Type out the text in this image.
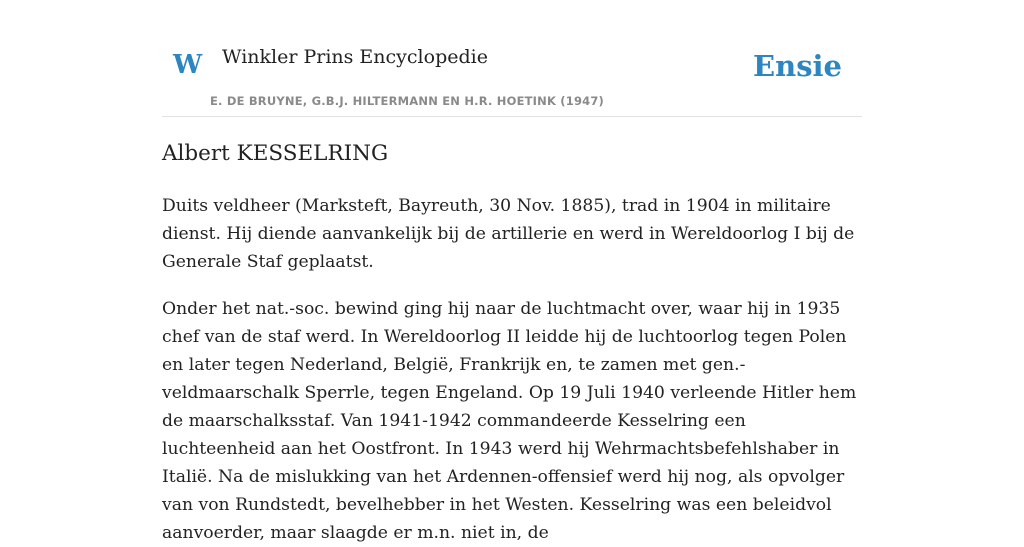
W Winkler Prins Encyclopedie
E. DE BRUYNE, G.B.J. HILTERMANN EN H.R. HOETINK (1947)
Ensie
Albert KESSELRING

Duits veldheer (Marksteft, Bayreuth, 30 Nov. 1885), trad in 1904 in militaire dienst. Hij diende aanvankelijk bij de artillerie en werd in Wereldoorlog I bij de Generale Staf geplaatst.

Onder het nat.-soc. bewind ging hij naar de luchtmacht over, waar hij in 1935 chef van de staf werd. In Wereldoorlog II leidde hij de luchtoorlog tegen Polen en later tegen Nederland, België, Frankrijk en, te zamen met gen.-veldmaarschalk Sperrle, tegen Engeland. Op 19 Juli 1940 verleende Hitler hem de maarschalksstaf. Van 1941-1942 commandeerde Kesselring een luchteenheid aan het Oostfront. In 1943 werd hij Wehrmachtsbefehlshaber in Italië. Na de mislukking van het Ardennen-offensief werd hij nog, als opvolger van von Rundstedt, bevelhebber in het Westen. Kesselring was een beleidvol aanvoerder, maar slaagde er m.n. niet in, de
